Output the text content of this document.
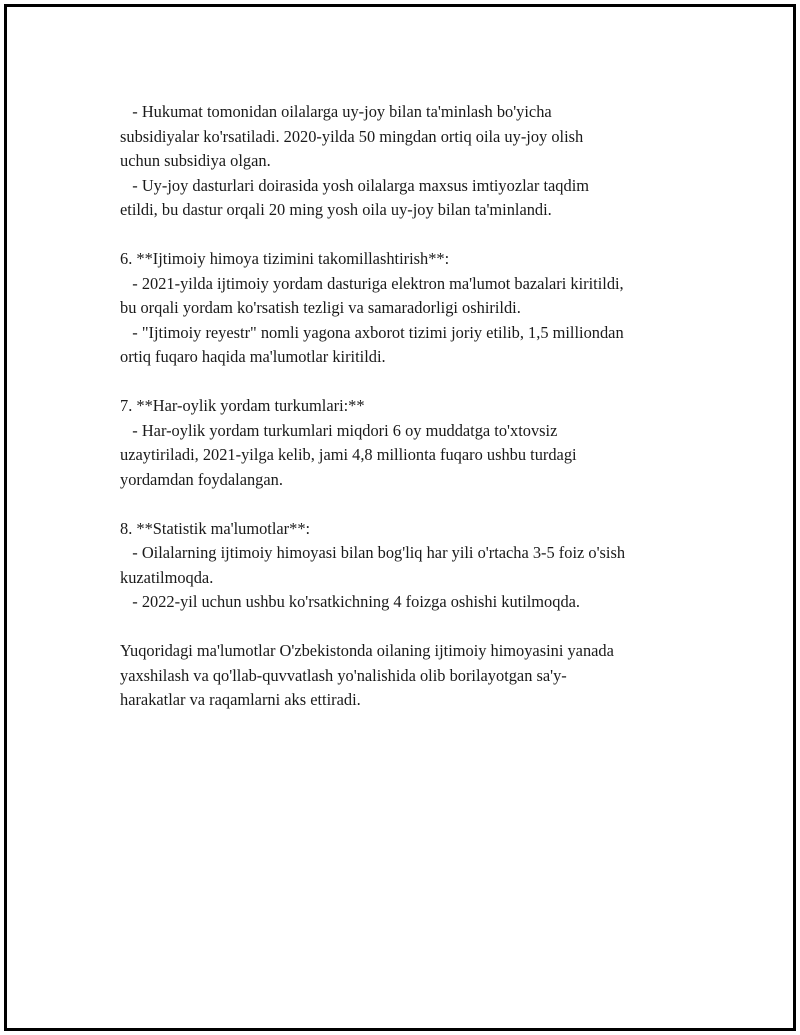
- Hukumat tomonidan oilalarga uy-joy bilan ta'minlash bo'yicha
subsidiyalar ko'rsatiladi. 2020-yilda 50 mingdan ortiq oila uy-joy olish
uchun subsidiya olgan.
- Uy-joy dasturlari doirasida yosh oilalarga maxsus imtiyozlar taqdim
etildi, bu dastur orqali 20 ming yosh oila uy-joy bilan ta'minlandi.
6. **Ijtimoiy himoya tizimini takomillashtirish**:
- 2021-yilda ijtimoiy yordam dasturiga elektron ma'lumot bazalari kiritildi,
bu orqali yordam ko'rsatish tezligi va samaradorligi oshirildi.
- "Ijtimoiy reyestr" nomli yagona axborot tizimi joriy etilib, 1,5 milliondan
ortiq fuqaro haqida ma'lumotlar kiritildi.
7. **Har-oylik yordam turkumlari:**
- Har-oylik yordam turkumlari miqdori 6 oy muddatga to'xtovsiz
uzaytiriladi, 2021-yilga kelib, jami 4,8 millionta fuqaro ushbu turdagi
yordamdan foydalangan.
8. **Statistik ma'lumotlar**:
- Oilalarning ijtimoiy himoyasi bilan bog'liq har yili o'rtacha 3-5 foiz o'sish
kuzatilmoqda.
- 2022-yil uchun ushbu ko'rsatkichning 4 foizga oshishi kutilmoqda.
Yuqoridagi ma'lumotlar O'zbekistonda oilaning ijtimoiy himoyasini yanada
yaxshilash va qo'llab-quvvatlash yo'nalishida olib borilayotgan sa'y-
harakatlar va raqamlarni aks ettiradi.
